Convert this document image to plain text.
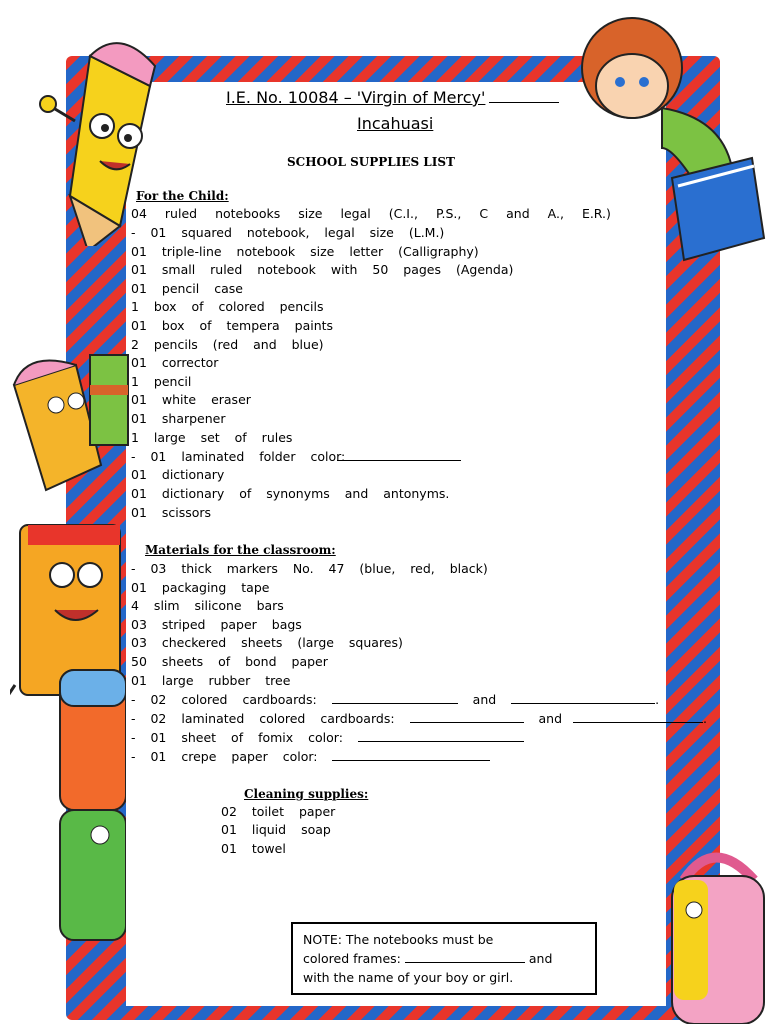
I.E. No. 10084 – 'Virgin of Mercy'
Incahuasi
SCHOOL SUPPLIES LIST
For the Child:
04 ruled notebooks size legal (C.I., P.S., C and A., E.R.)
- 01 squared notebook, legal size (L.M.)
01 triple-line notebook size letter (Calligraphy)
01 small ruled notebook with 50 pages (Agenda)
01 pencil case
1 box of colored pencils
01 box of tempera paints
2 pencils (red and blue)
01 corrector
1 pencil
01 white eraser
01 sharpener
1 large set of rules
- 01 laminated folder color:
01 dictionary
01 dictionary of synonyms and antonyms.
01 scissors
Materials for the classroom:
- 03 thick markers No. 47 (blue, red, black)
01 packaging tape
4 slim silicone bars
03 striped paper bags
03 checkered sheets (large squares)
50 sheets of bond paper
01 large rubber tree
- 02 colored cardboards:	and	.
- 02 laminated colored cardboards:	and	.
- 01 sheet of fomix color:
- 01 crepe paper color:
Cleaning supplies:
02 toilet paper
01 liquid soap
01 towel
NOTE: The notebooks must be
colored frames:	and
with the name of your boy or girl.
